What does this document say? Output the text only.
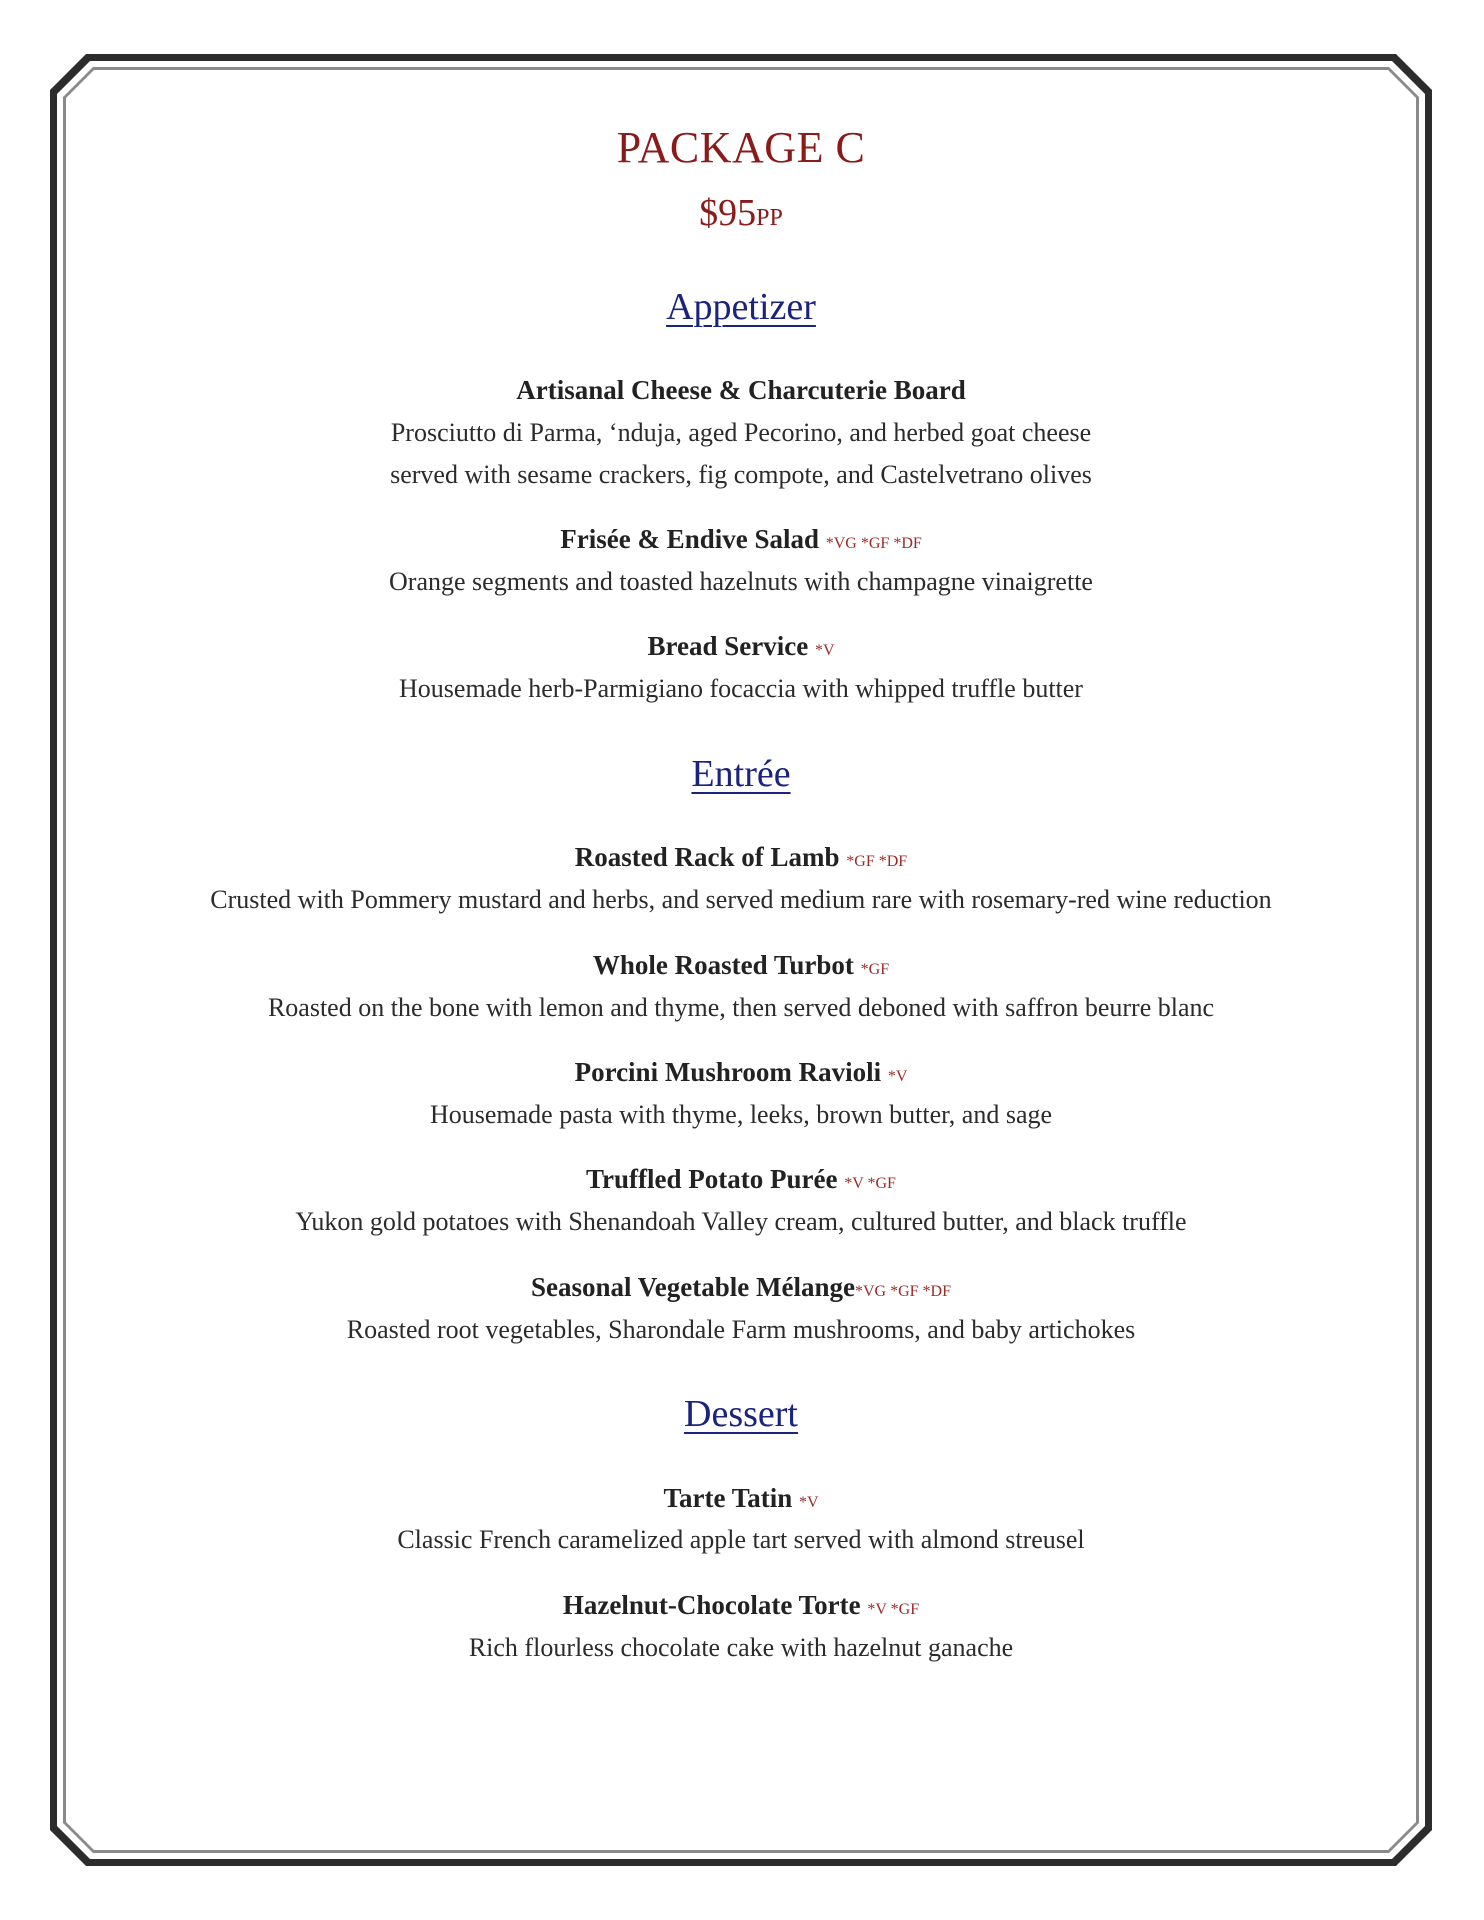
PACKAGE C
$95PP
Appetizer
Artisanal Cheese & Charcuterie Board
Prosciutto di Parma, ‘nduja, aged Pecorino, and herbed goat cheese
served with sesame crackers, fig compote, and Castelvetrano olives
Frisée & Endive Salad *VG *GF *DF
Orange segments and toasted hazelnuts with champagne vinaigrette
Bread Service *V
Housemade herb-Parmigiano focaccia with whipped truffle butter
Entrée
Roasted Rack of Lamb *GF *DF
Crusted with Pommery mustard and herbs, and served medium rare with rosemary-red wine reduction
Whole Roasted Turbot *GF
Roasted on the bone with lemon and thyme, then served deboned with saffron beurre blanc
Porcini Mushroom Ravioli *V
Housemade pasta with thyme, leeks, brown butter, and sage
Truffled Potato Purée *V *GF
Yukon gold potatoes with Shenandoah Valley cream, cultured butter, and black truffle
Seasonal Vegetable Mélange*VG *GF *DF
Roasted root vegetables, Sharondale Farm mushrooms, and baby artichokes
Dessert
Tarte Tatin *V
Classic French caramelized apple tart served with almond streusel
Hazelnut-Chocolate Torte *V *GF
Rich flourless chocolate cake with hazelnut ganache
